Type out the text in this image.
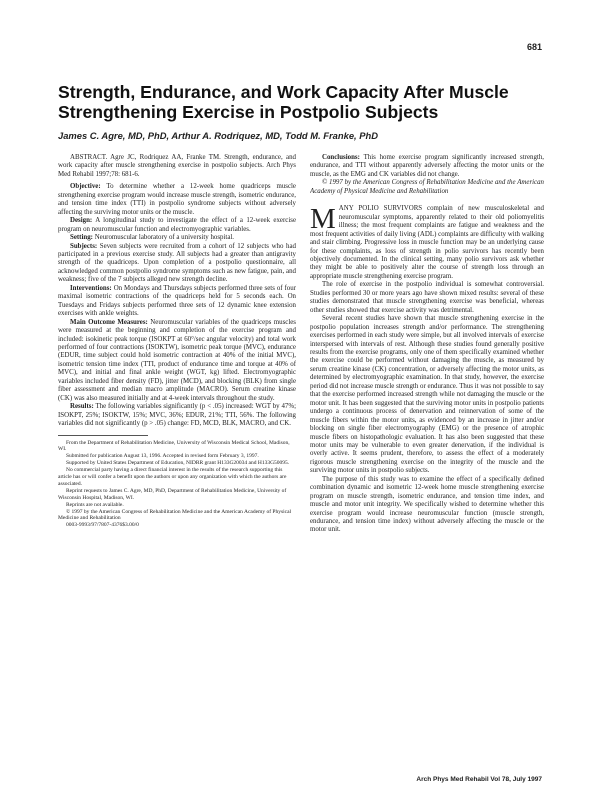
681
Strength, Endurance, and Work Capacity After Muscle Strengthening Exercise in Postpolio Subjects

James C. Agre, MD, PhD, Arthur A. Rodriquez, MD, Todd M. Franke, PhD

ABSTRACT. Agre JC, Rodriquez AA, Franke TM. Strength, endurance, and work capacity after muscle strengthening exercise in postpolio subjects. Arch Phys Med Rehabil 1997;78: 681-6.

Objective: To determine whether a 12-week home quadriceps muscle strengthening exercise program would increase muscle strength, isometric endurance, and tension time index (TTI) in postpolio syndrome subjects without adversely affecting the surviving motor units or the muscle.

Design: A longitudinal study to investigate the effect of a 12-week exercise program on neuromuscular function and electromyographic variables.

Setting: Neuromuscular laboratory of a university hospital.

Subjects: Seven subjects were recruited from a cohort of 12 subjects who had participated in a previous exercise study. All subjects had a greater than antigravity strength of the quadriceps. Upon completion of a postpolio questionnaire, all acknowledged common postpolio syndrome symptoms such as new fatigue, pain, and weakness; five of the 7 subjects alleged new strength decline.

Interventions: On Mondays and Thursdays subjects performed three sets of four maximal isometric contractions of the quadriceps held for 5 seconds each. On Tuesdays and Fridays subjects performed three sets of 12 dynamic knee extension exercises with ankle weights.

Main Outcome Measures: Neuromuscular variables of the quadriceps muscles were measured at the beginning and completion of the exercise program and included: isokinetic peak torque (ISOKPT at 60°/sec angular velocity) and total work performed of four contractions (ISOKTW), isometric peak torque (MVC), endurance (EDUR, time subject could hold isometric contraction at 40% of the initial MVC), isometric tension time index (TTI, product of endurance time and torque at 40% of MVC), and initial and final ankle weight (WGT, kg) lifted. Electromyographic variables included fiber density (FD), jitter (MCD), and blocking (BLK) from single fiber assessment and median macro amplitude (MACRO). Serum creatine kinase (CK) was also measured initially and at 4-week intervals throughout the study.

Results: The following variables significantly (p < .05) increased: WGT by 47%; ISOKPT, 25%; ISOKTW, 15%; MVC, 36%; EDUR, 21%; TTI, 56%. The following variables did not significantly (p > .05) change: FD, MCD, BLK, MACRO, and CK.

From the Department of Rehabilitation Medicine, University of Wisconsin Medical School, Madison, WI.

Submitted for publication August 13, 1996. Accepted in revised form February 3, 1997.

Supported by United States Department of Education, NIDRR grant H133G20034 and H133G50095.

No commercial party having a direct financial interest in the results of the research supporting this article has or will confer a benefit upon the authors or upon any organization with which the authors are associated.

Reprint requests to James C. Agre, MD, PhD, Department of Rehabilitation Medicine, University of Wisconsin Hospital, Madison, WI.

Reprints are not available.

© 1997 by the American Congress of Rehabilitation Medicine and the American Academy of Physical Medicine and Rehabilitation

0003-9993/97/7807-4376$3.00/0

Conclusions: This home exercise program significantly increased strength, endurance, and TTI without apparently adversely affecting the motor units or the muscle, as the EMG and CK variables did not change.

© 1997 by the American Congress of Rehabilitation Medicine and the American Academy of Physical Medicine and Rehabilitation

MANY POLIO SURVIVORS complain of new musculoskeletal and neuromuscular symptoms, apparently related to their old poliomyelitis illness; the most frequent complaints are fatigue and weakness and the most frequent activities of daily living (ADL) complaints are difficulty with walking and stair climbing. Progressive loss in muscle function may be an underlying cause for these complaints, as loss of strength in polio survivors has recently been objectively documented. In the clinical setting, many polio survivors ask whether they might be able to positively alter the course of strength loss through an appropriate muscle strengthening exercise program.

The role of exercise in the postpolio individual is somewhat controversial. Studies performed 30 or more years ago have shown mixed results: several of these studies demonstrated that muscle strengthening exercise was beneficial, whereas other studies showed that exercise activity was detrimental.

Several recent studies have shown that muscle strengthening exercise in the postpolio population increases strength and/or performance. The strengthening exercises performed in each study were simple, but all involved intervals of exercise interspersed with intervals of rest. Although these studies found generally positive results from the exercise programs, only one of them specifically examined whether the exercise could be performed without damaging the muscle, as measured by serum creatine kinase (CK) concentration, or adversely affecting the motor units, as determined by electromyographic examination. In that study, however, the exercise period did not increase muscle strength or endurance. Thus it was not possible to say that the exercise performed increased strength while not damaging the muscle or the motor unit. It has been suggested that the surviving motor units in postpolio patients undergo a continuous process of denervation and reinnervation of some of the muscle fibers within the motor units, as evidenced by an increase in jitter and/or blocking on single fiber electromyography (EMG) or the presence of atrophic muscle fibers on histopathologic evaluation. It has also been suggested that these motor units may be vulnerable to even greater denervation, if the individual is overly active. It seems prudent, therefore, to assess the effect of a moderately rigorous muscle strengthening exercise on the integrity of the muscle and the surviving motor units in postpolio subjects.

The purpose of this study was to examine the effect of a specifically defined combination dynamic and isometric 12-week home muscle strengthening exercise program on muscle strength, isometric endurance, and tension time index, and muscle and motor unit integrity. We specifically wished to determine whether this exercise program would increase neuromuscular function (muscle strength, endurance, and tension time index) without adversely affecting the muscle or the motor unit.

Arch Phys Med Rehabil Vol 78, July 1997
